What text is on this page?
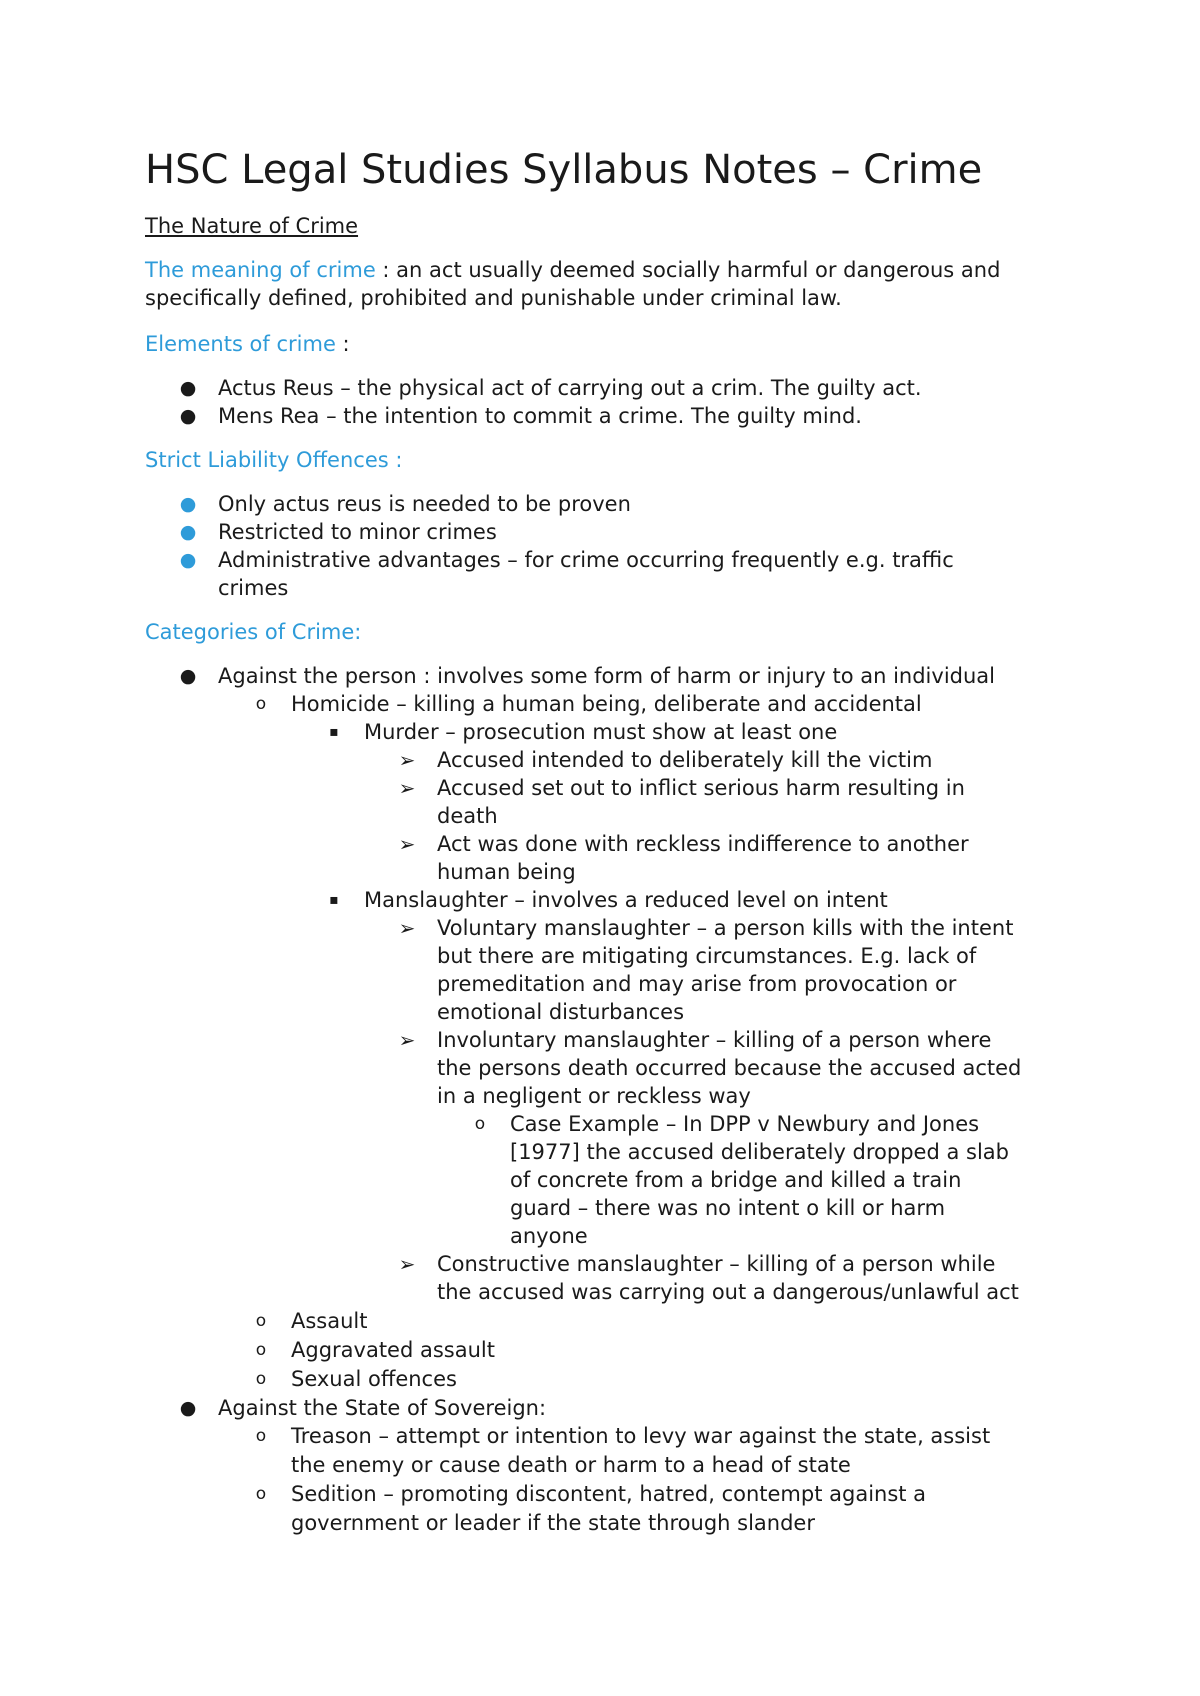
HSC Legal Studies Syllabus Notes – Crime
The Nature of Crime
The meaning of crime : an act usually deemed socially harmful or dangerous and
specifically defined, prohibited and punishable under criminal law.
Elements of crime :
● Actus Reus – the physical act of carrying out a crim. The guilty act.
● Mens Rea – the intention to commit a crime. The guilty mind.
Strict Liability Offences :
● Only actus reus is needed to be proven
● Restricted to minor crimes
● Administrative advantages – for crime occurring frequently e.g. traffic
crimes
Categories of Crime:
● Against the person : involves some form of harm or injury to an individual
o	Homicide – killing a human being, deliberate and accidental
▪	Murder – prosecution must show at least one
➢ Accused intended to deliberately kill the victim
➢ Accused set out to inflict serious harm resulting in
death
➢ Act was done with reckless indifference to another
human being
▪	Manslaughter – involves a reduced level on intent
➢ Voluntary manslaughter – a person kills with the intent
but there are mitigating circumstances. E.g. lack of
premeditation and may arise from provocation or
emotional disturbances
➢ Involuntary manslaughter – killing of a person where
the persons death occurred because the accused acted
in a negligent or reckless way
o	Case Example – In DPP v Newbury and Jones
[1977] the accused deliberately dropped a slab
of concrete from a bridge and killed a train
guard – there was no intent o kill or harm
anyone
➢ Constructive manslaughter – killing of a person while
the accused was carrying out a dangerous/unlawful act
o	Assault
o	Aggravated assault
o	Sexual offences
● Against the State of Sovereign:
o	Treason – attempt or intention to levy war against the state, assist
the enemy or cause death or harm to a head of state
o	Sedition – promoting discontent, hatred, contempt against a
government or leader if the state through slander
